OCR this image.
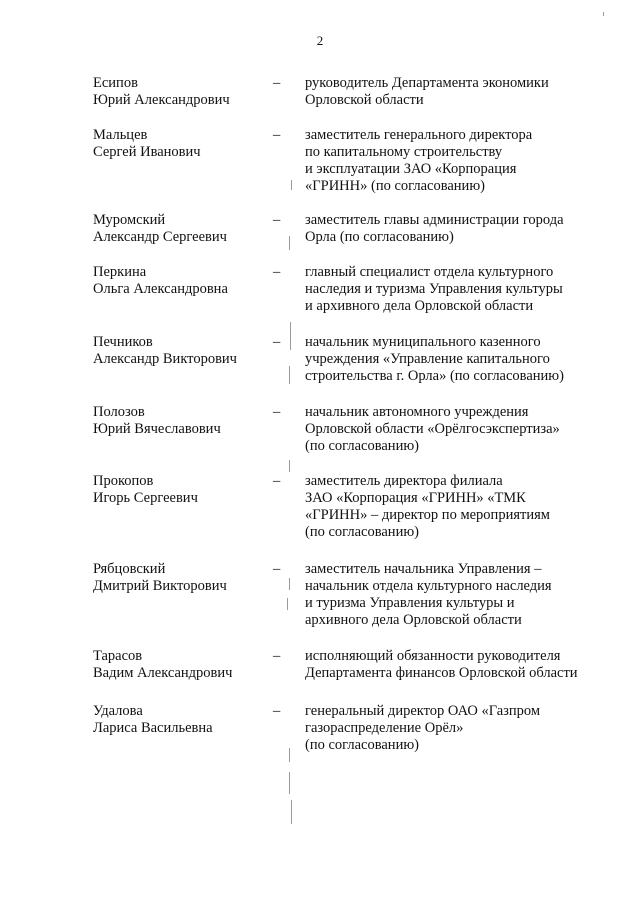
2
Есипов
Юрий Александрович
– руководитель Департамента экономики
Орловской области
Мальцев
Сергей Иванович
– заместитель генерального директора
по капитальному строительству
и эксплуатации ЗАО «Корпорация
«ГРИНН» (по согласованию)
Муромский
Александр Сергеевич
– заместитель главы администрации города
Орла (по согласованию)
Перкина
Ольга Александровна
– главный специалист отдела культурного
наследия и туризма Управления культуры
и архивного дела Орловской области
Печников
Александр Викторович
– начальник муниципального казенного
учреждения «Управление капитального
строительства г. Орла» (по согласованию)
Полозов
Юрий Вячеславович
– начальник автономного учреждения
Орловской области «Орёлгосэкспертиза»
(по согласованию)
Прокопов
Игорь Сергеевич
– заместитель директора филиала
ЗАО «Корпорация «ГРИНН» «ТМК
«ГРИНН» – директор по мероприятиям
(по согласованию)
Рябцовский
Дмитрий Викторович
– заместитель начальника Управления –
начальник отдела культурного наследия
и туризма Управления культуры и
архивного дела Орловской области
Тарасов
Вадим Александрович
– исполняющий обязанности руководителя
Департамента финансов Орловской области
Удалова
Лариса Васильевна
– генеральный директор ОАО «Газпром
газораспределение Орёл»
(по согласованию)
